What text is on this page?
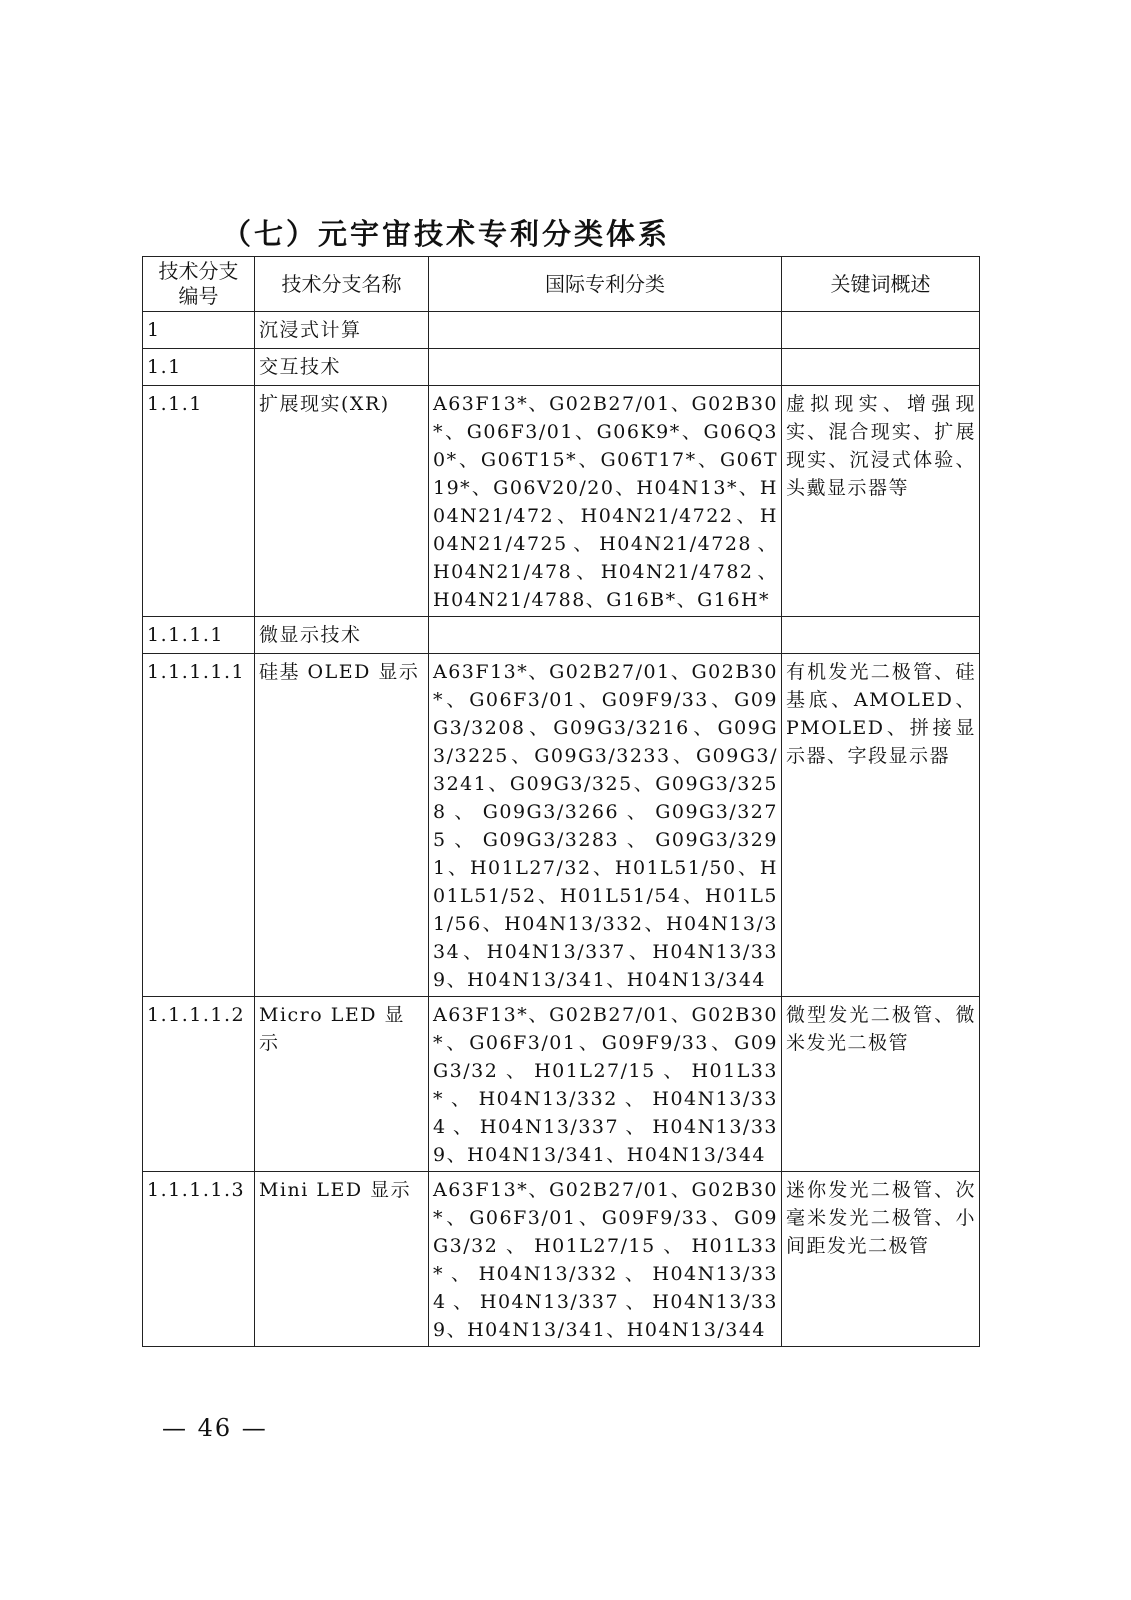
（七）元宇宙技术专利分类体系
技术分支
编号	技术分支名称	国际专利分类	关键词概述
1	沉浸式计算		
1.1	交互技术		
1.1.1	扩展现实(XR)	A63F13*、G02B27/01、G02B30*、G06F3/01、G06K9*、G06Q30*、G06T15*、G06T17*、G06T19*、G06V20/20、H04N13*、H04N21/472、H04N21/4722、H04N21/4725、H04N21/4728、H04N21/478、H04N21/4782、H04N21/4788、G16B*、G16H*	虚拟现实、增强现实、混合现实、扩展现实、沉浸式体验、头戴显示器等
1.1.1.1	微显示技术		
1.1.1.1.1	硅基 OLED 显示	A63F13*、G02B27/01、G02B30*、G06F3/01、G09F9/33、G09G3/3208、G09G3/3216、G09G3/3225、G09G3/3233、G09G3/3241、G09G3/325、G09G3/3258、G09G3/3266、G09G3/3275、G09G3/3283、G09G3/3291、H01L27/32、H01L51/50、H01L51/52、H01L51/54、H01L51/56、H04N13/332、H04N13/334、H04N13/337、H04N13/339、H04N13/341、H04N13/344	有机发光二极管、硅基底、AMOLED、PMOLED、拼接显示器、字段显示器
1.1.1.1.2	Micro LED 显示	A63F13*、G02B27/01、G02B30*、G06F3/01、G09F9/33、G09G3/32、H01L27/15、H01L33*、H04N13/332、H04N13/334、H04N13/337、H04N13/339、H04N13/341、H04N13/344	微型发光二极管、微米发光二极管
1.1.1.1.3	Mini LED 显示	A63F13*、G02B27/01、G02B30*、G06F3/01、G09F9/33、G09G3/32、H01L27/15、H01L33*、H04N13/332、H04N13/334、H04N13/337、H04N13/339、H04N13/341、H04N13/344	迷你发光二极管、次毫米发光二极管、小间距发光二极管
— 46 —
